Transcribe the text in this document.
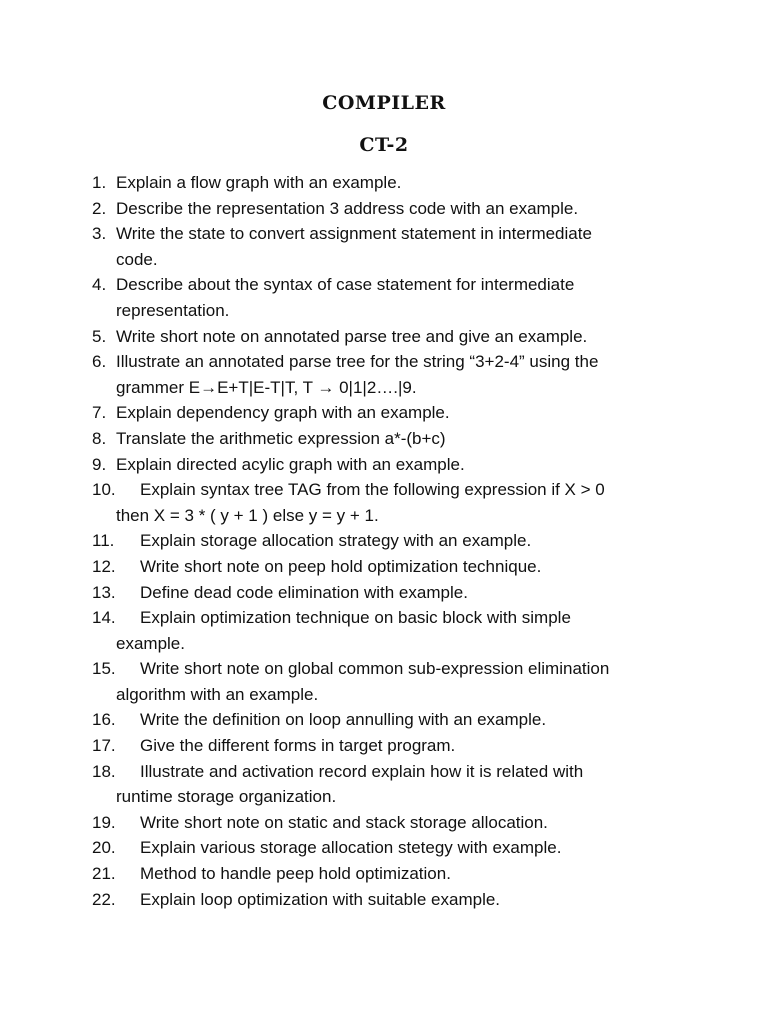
COMPILER
CT-2
1. Explain a flow graph with an example.
2. Describe the representation 3 address code with an example.
3. Write the state to convert assignment statement in intermediate
code.
4. Describe about the syntax of case statement for intermediate
representation.
5. Write short note on annotated parse tree and give an example.
6. Illustrate an annotated parse tree for the string “3+2-4” using the
grammer E→E+T|E-T|T, T → 0|1|2….|9.
7. Explain dependency graph with an example.
8. Translate the arithmetic expression a*-(b+c)
9. Explain directed acylic graph with an example.
10. Explain syntax tree TAG from the following expression if X > 0
then X = 3 * ( y + 1 ) else y = y + 1.
11. Explain storage allocation strategy with an example.
12. Write short note on peep hold optimization technique.
13. Define dead code elimination with example.
14. Explain optimization technique on basic block with simple
example.
15. Write short note on global common sub-expression elimination
algorithm with an example.
16. Write the definition on loop annulling with an example.
17. Give the different forms in target program.
18. Illustrate and activation record explain how it is related with
runtime storage organization.
19. Write short note on static and stack storage allocation.
20. Explain various storage allocation stetegy with example.
21. Method to handle peep hold optimization.
22. Explain loop optimization with suitable example.
